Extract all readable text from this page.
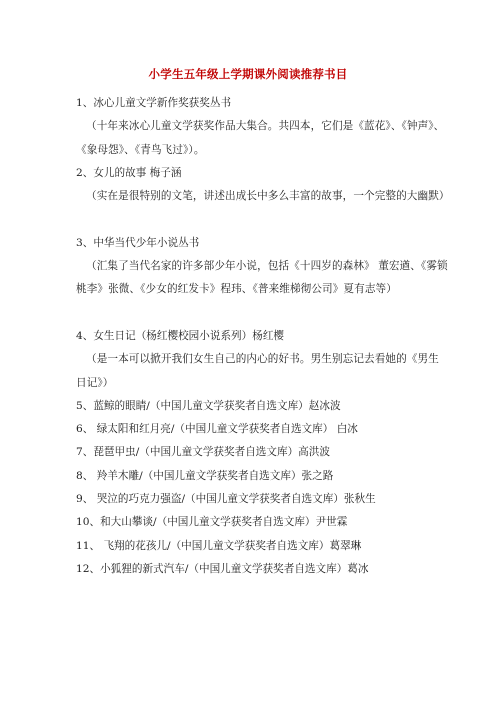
小学生五年级上学期课外阅读推荐书目
1、冰心儿童文学新作奖获奖丛书
（十年来冰心儿童文学获奖作品大集合。共四本，它们是《蓝花》、《钟声》、《象母怨》、《青鸟飞过》）。
2、女儿的故事 梅子涵
（实在是很特别的文笔，讲述出成长中多么丰富的故事，一个完整的大幽默）
3、中华当代少年小说丛书
（汇集了当代名家的许多部少年小说，包括《十四岁的森林》 董宏遒、《雾锁桃李》张微、《少女的红发卡》程玮、《普来维梯彻公司》夏有志等）
4、女生日记（杨红樱校园小说系列）杨红樱
（是一本可以掀开我们女生自己的内心的好书。男生别忘记去看她的《男生日记》）
5、蓝鲸的眼睛/（中国儿童文学获奖者自选文库）赵冰波
6、 绿太阳和红月亮/（中国儿童文学获奖者自选文库） 白冰
7、琵琶甲虫/（中国儿童文学获奖者自选文库）高洪波
8、 羚羊木雕/（中国儿童文学获奖者自选文库）张之路
9、 哭泣的巧克力强盗/（中国儿童文学获奖者自选文库）张秋生
10、和大山攀谈/（中国儿童文学获奖者自选文库）尹世霖
11、 飞翔的花孩儿/（中国儿童文学获奖者自选文库）葛翠琳
12、小狐狸的新式汽车/（中国儿童文学获奖者自选文库）葛冰
